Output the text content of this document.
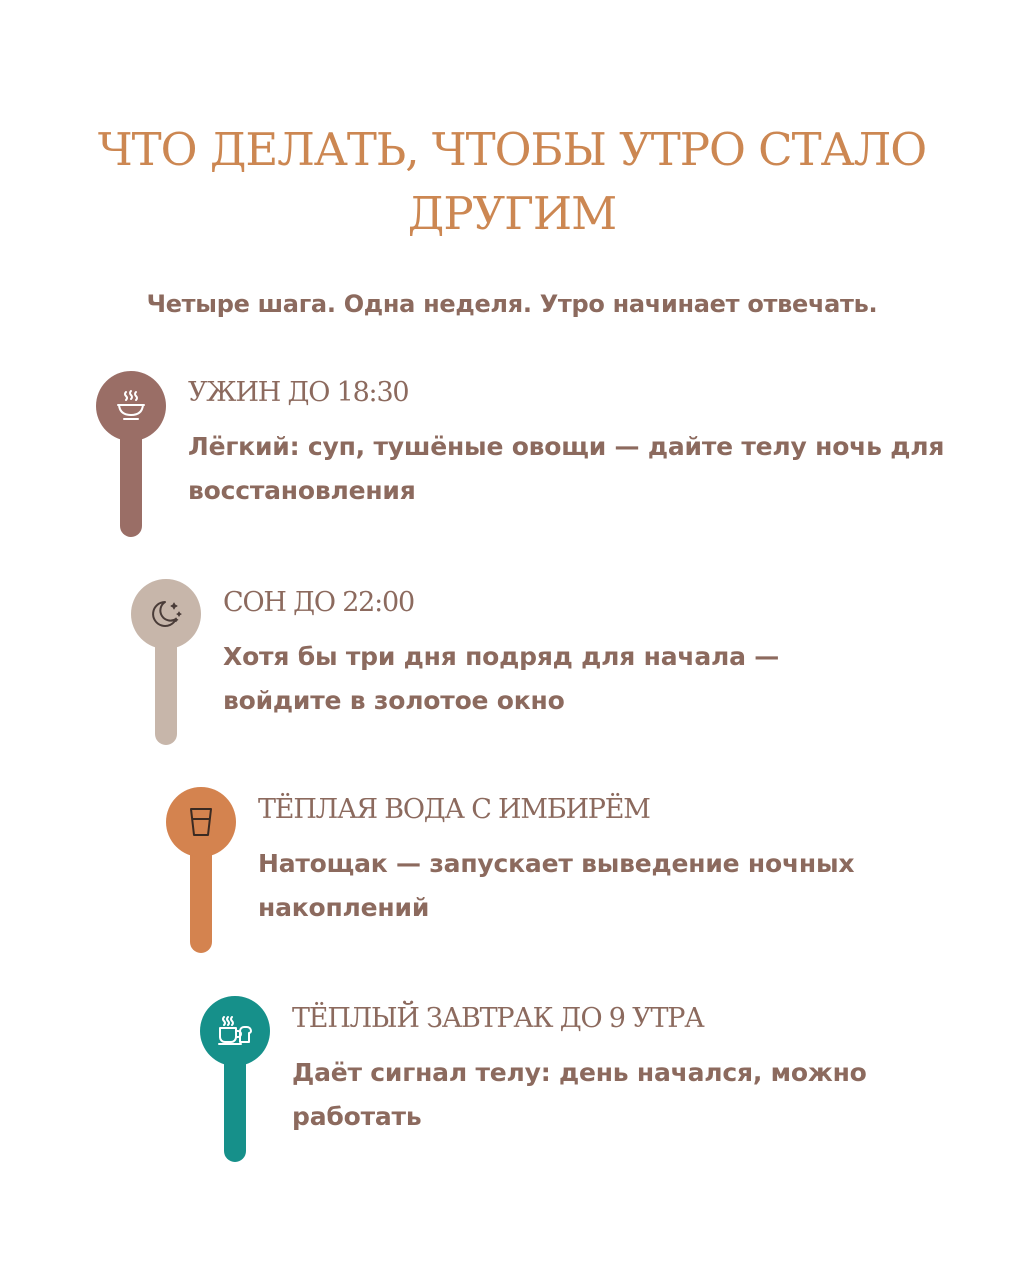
ЧТО ДЕЛАТЬ, ЧТОБЫ УТРО СТАЛО
ДРУГИМ
Четыре шага. Одна неделя. Утро начинает отвечать.
УЖИН ДО 18:30
Лёгкий: суп, тушёные овощи — дайте телу ночь для восстановления
СОН ДО 22:00
Хотя бы три дня подряд для начала — войдите в золотое окно
ТЁПЛАЯ ВОДА С ИМБИРЁМ
Натощак — запускает выведение ночных накоплений
ТЁПЛЫЙ ЗАВТРАК ДО 9 УТРА
Даёт сигнал телу: день начался, можно работать
